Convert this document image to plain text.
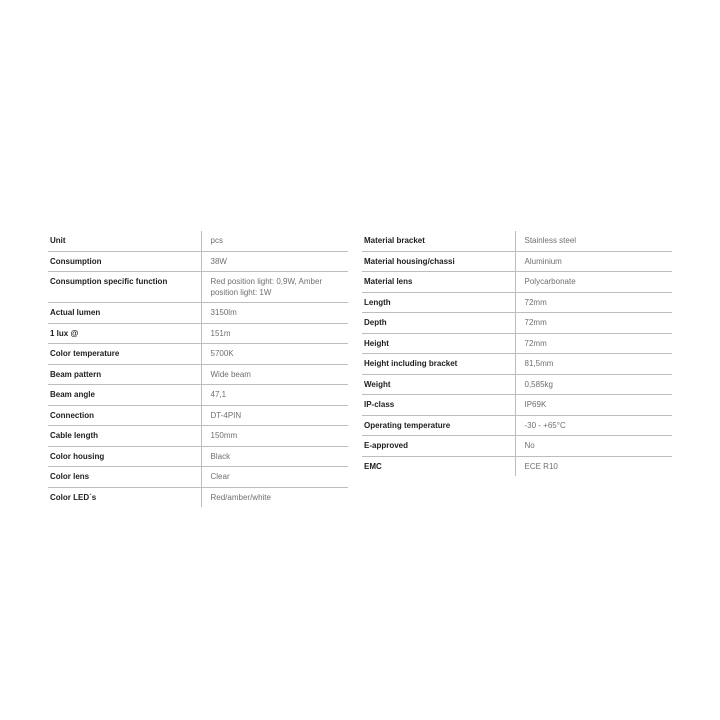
Unit	pcs
Consumption	38W
Consumption specific function	Red position light: 0,9W, Amber position light: 1W
Actual lumen	3150lm
1 lux @	151m
Color temperature	5700K
Beam pattern	Wide beam
Beam angle	47,1
Connection	DT-4PIN
Cable length	150mm
Color housing	Black
Color lens	Clear
Color LED´s	Red/amber/white
Material bracket	Stainless steel
Material housing/chassi	Aluminium
Material lens	Polycarbonate
Length	72mm
Depth	72mm
Height	72mm
Height including bracket	81,5mm
Weight	0,585kg
IP-class	IP69K
Operating temperature	-30 - +65°C
E-approved	No
EMC	ECE R10
